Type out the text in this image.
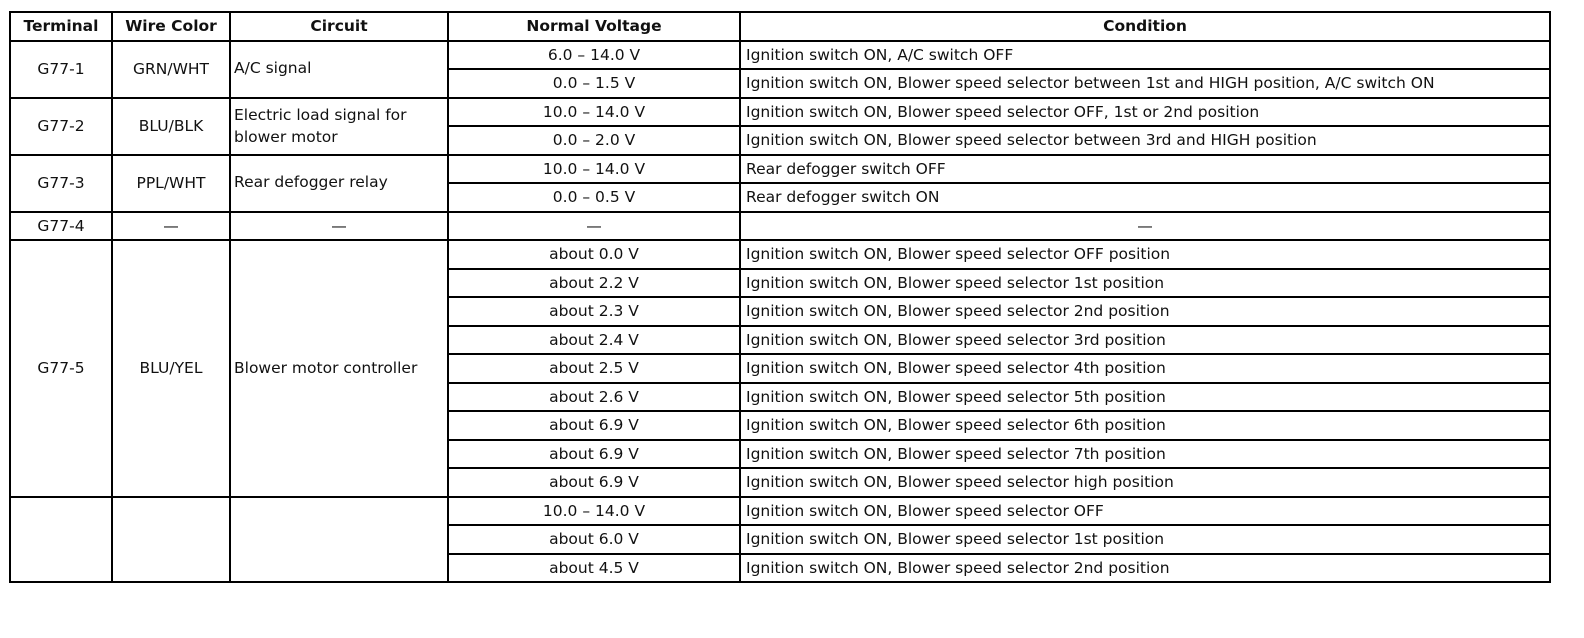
Terminal	Wire Color	Circuit	Normal Voltage	Condition
G77-1	GRN/WHT	A/C signal	6.0 – 14.0 V	Ignition switch ON, A/C switch OFF
			0.0 – 1.5 V	Ignition switch ON, Blower speed selector between 1st and HIGH position, A/C switch ON
G77-2	BLU/BLK	Electric load signal for blower motor	10.0 – 14.0 V	Ignition switch ON, Blower speed selector OFF, 1st or 2nd position
			0.0 – 2.0 V	Ignition switch ON, Blower speed selector between 3rd and HIGH position
G77-3	PPL/WHT	Rear defogger relay	10.0 – 14.0 V	Rear defogger switch OFF
			0.0 – 0.5 V	Rear defogger switch ON
G77-4	—	—	—	—
G77-5	BLU/YEL	Blower motor controller	about 0.0 V	Ignition switch ON, Blower speed selector OFF position
			about 2.2 V	Ignition switch ON, Blower speed selector 1st position
			about 2.3 V	Ignition switch ON, Blower speed selector 2nd position
			about 2.4 V	Ignition switch ON, Blower speed selector 3rd position
			about 2.5 V	Ignition switch ON, Blower speed selector 4th position
			about 2.6 V	Ignition switch ON, Blower speed selector 5th position
			about 6.9 V	Ignition switch ON, Blower speed selector 6th position
			about 6.9 V	Ignition switch ON, Blower speed selector 7th position
			about 6.9 V	Ignition switch ON, Blower speed selector high position
			10.0 – 14.0 V	Ignition switch ON, Blower speed selector OFF
			about 6.0 V	Ignition switch ON, Blower speed selector 1st position
			about 4.5 V	Ignition switch ON, Blower speed selector 2nd position
